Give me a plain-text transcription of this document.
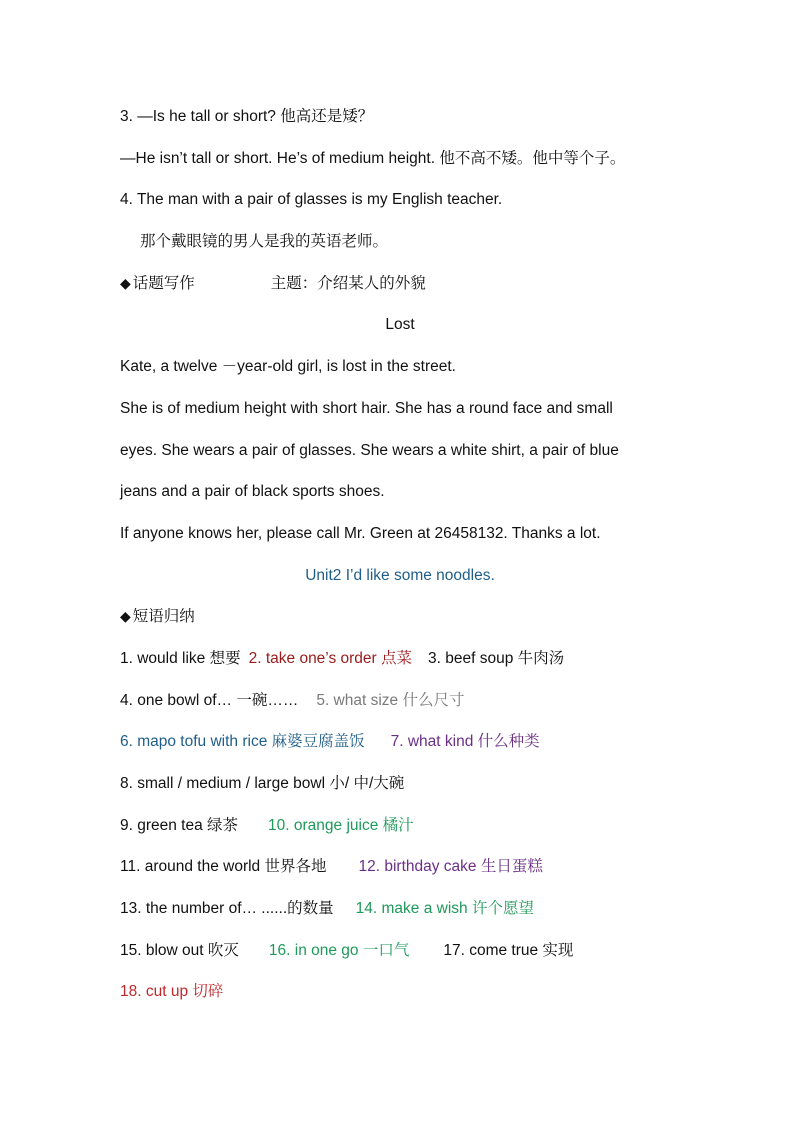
3. —Is he tall or short? 他高还是矮？
—He isn’t tall or short. He’s of medium height. 他不高不矮。他中等个子。
4. The man with a pair of glasses is my English teacher.
那个戴眼镜的男人是我的英语老师。
◆ 话题写作	主题：介绍某人的外貌
Lost
Kate, a twelve －year-old girl, is lost in the street.
She is of medium height with short hair. She has a round face and small
eyes. She wears a pair of glasses. She wears a white shirt, a pair of blue
jeans and a pair of black sports shoes.
If anyone knows her, please call Mr. Green at 26458132. Thanks a lot.
Unit2 I’d like some noodles.
◆ 短语归纳
1. would like 想要 2. take one’s order 点菜 3. beef soup 牛肉汤
4. one bowl of… 一碗…… 5. what size 什么尺寸
6. mapo tofu with rice 麻婆豆腐盖饭 7. what kind 什么种类
8. small / medium / large bowl 小/ 中/大碗
9. green tea 绿茶 10. orange juice 橘汁
11. around the world 世界各地 12. birthday cake 生日蛋糕
13. the number of… ......的数量 14. make a wish 许个愿望
15. blow out 吹灭 16. in one go 一口气 17. come true 实现
18. cut up 切碎
